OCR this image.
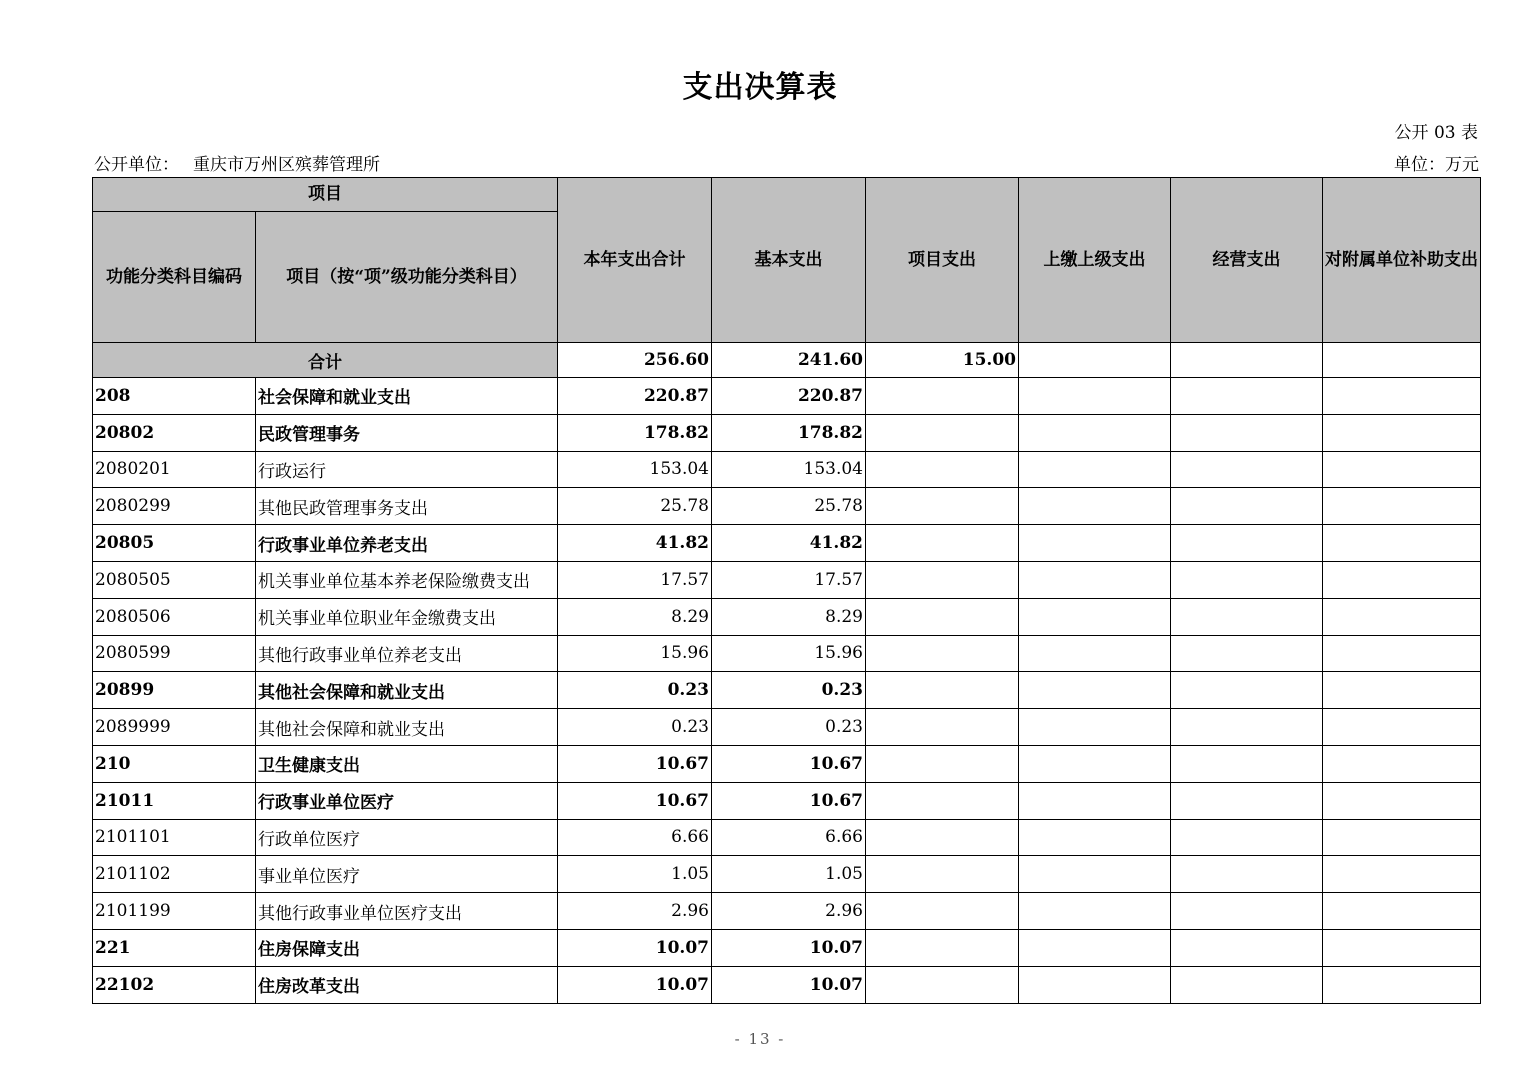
支出决算表
公开 03 表
公开单位： 重庆市万州区殡葬管理所	单位：万元
项目		本年支出合计	基本支出	项目支出	上缴上级支出	经营支出	对附属单位补助支出
功能分类科目编码	项目（按“项”级功能分类科目）						
合计		256.60	241.60	15.00			
208	社会保障和就业支出	220.87	220.87				
20802	民政管理事务	178.82	178.82				
2080201	行政运行	153.04	153.04				
2080299	其他民政管理事务支出	25.78	25.78				
20805	行政事业单位养老支出	41.82	41.82				
2080505	机关事业单位基本养老保险缴费支出	17.57	17.57				
2080506	机关事业单位职业年金缴费支出	8.29	8.29				
2080599	其他行政事业单位养老支出	15.96	15.96				
20899	其他社会保障和就业支出	0.23	0.23				
2089999	其他社会保障和就业支出	0.23	0.23				
210	卫生健康支出	10.67	10.67				
21011	行政事业单位医疗	10.67	10.67				
2101101	行政单位医疗	6.66	6.66				
2101102	事业单位医疗	1.05	1.05				
2101199	其他行政事业单位医疗支出	2.96	2.96				
221	住房保障支出	10.07	10.07				
22102	住房改革支出	10.07	10.07				
- 13 -
